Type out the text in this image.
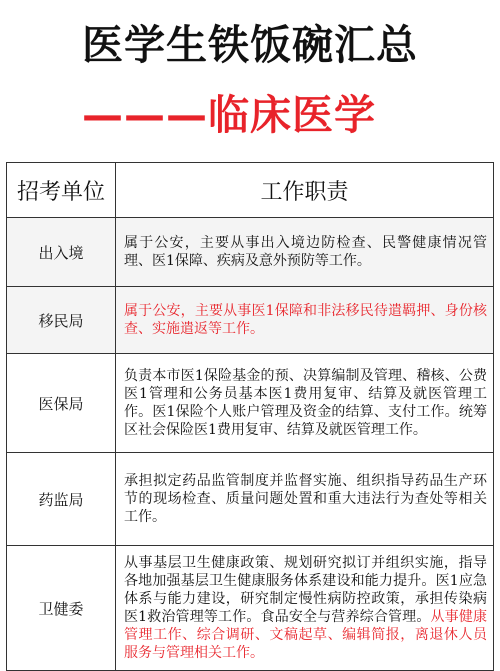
医学生铁饭碗汇总
———临床医学
招考单位	工作职责
出入境	属于公安，主要从事出入境边防检查、民警健康情况管理、医1保障、疾病及意外预防等工作。
移民局	属于公安，主要从事医1保障和非法移民待遣羁押、身份核查、实施遣返等工作。
医保局	负责本市医1保险基金的预、决算编制及管理、稽核、公费医1管理和公务员基本医1费用复审、结算及就医管理工作。医1保险个人账户管理及资金的结算、支付工作。统筹区社会保险医1费用复审、结算及就医管理工作。
药监局	承担拟定药品监管制度并监督实施、组织指导药品生产环节的现场检查、质量问题处置和重大违法行为查处等相关工作。
卫健委	从事基层卫生健康政策、规划研究拟订并组织实施，指导各地加强基层卫生健康服务体系建设和能力提升。医1应急体系与能力建设，研究制定慢性病防控政策，承担传染病医1救治管理等工作。食品安全与营养综合管理。从事健康管理工作、综合调研、文稿起草、编辑简报，离退休人员服务与管理相关工作。
